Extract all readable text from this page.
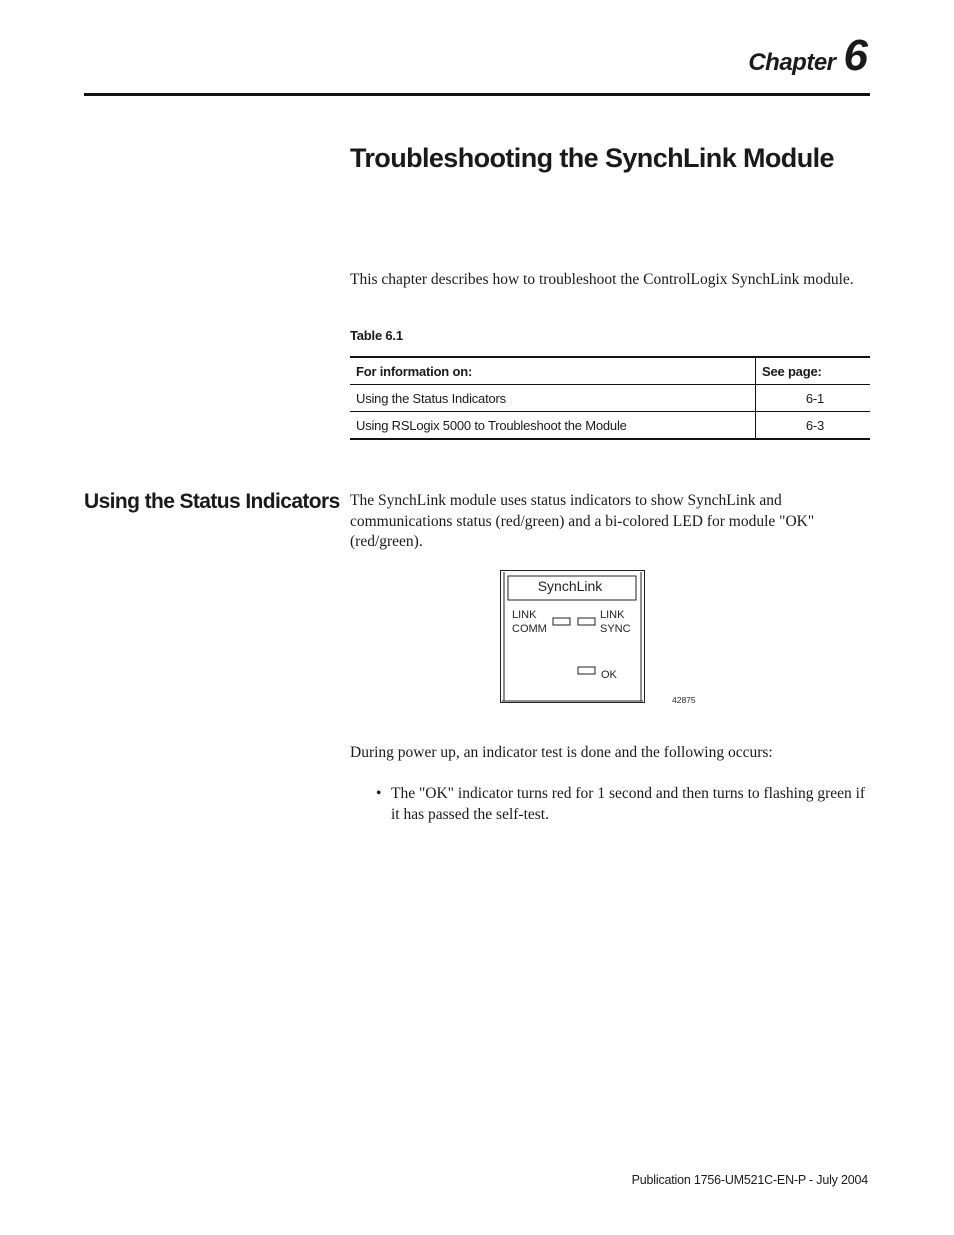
Chapter 6
Troubleshooting the SynchLink Module

This chapter describes how to troubleshoot the ControlLogix SynchLink module.

Table 6.1
For information on:	See page:
Using the Status Indicators	6-1
Using RSLogix 5000 to Troubleshoot the Module	6-3
Using the Status Indicators The SynchLink module uses status indicators to show SynchLink and communications status (red/green) and a bi-colored LED for module "OK" (red/green).

SynchLink
LINK
COMM
LINK
SYNC
OK
42875

During power up, an indicator test is done and the following occurs:

• The "OK" indicator turns red for 1 second and then turns to flashing green if it has passed the self-test.
Publication 1756-UM521C-EN-P - July 2004
